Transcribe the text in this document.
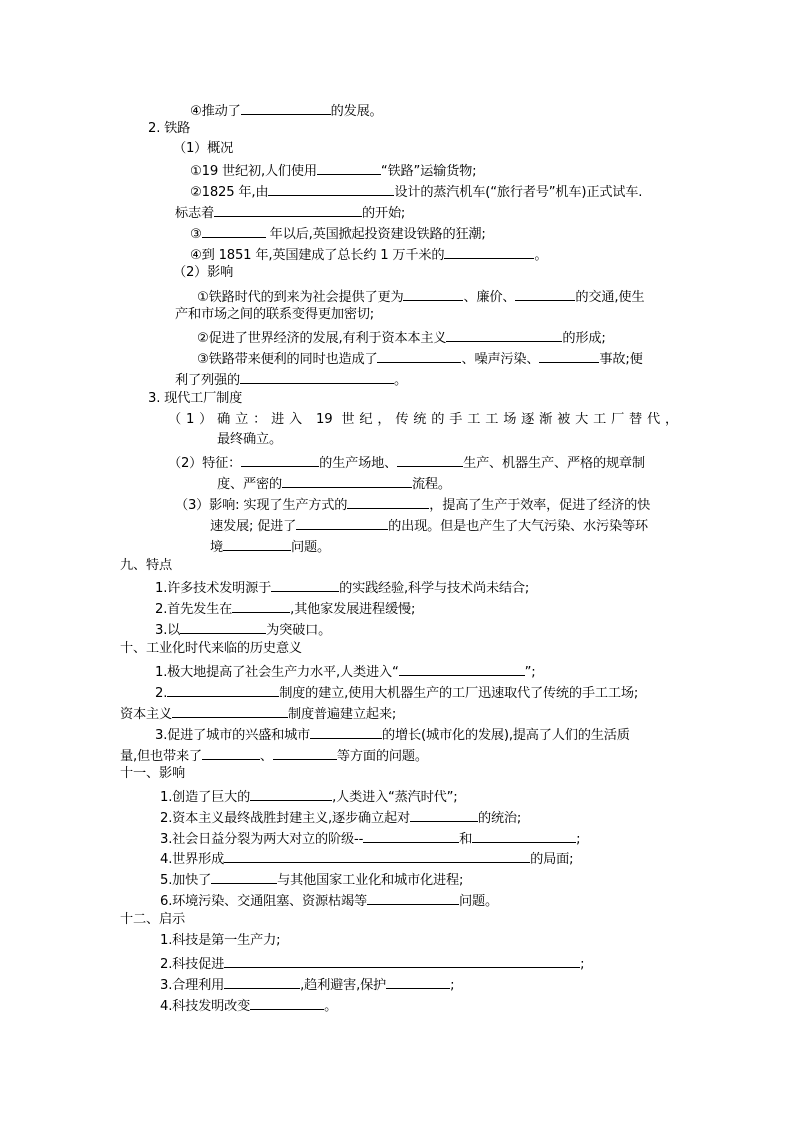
④推动了	的发展。
2. 铁路
（1）概况
①19 世纪初,人们使用	“铁路”运输货物;
②1825 年,由	设计的蒸汽机车(“旅行者号”机车)正式试车.
标志着	的开始;
③	年以后,英国掀起投资建设铁路的狂潮;
④到 1851 年,英国建成了总长约 1 万千米的	。
（2）影响
①铁路时代的到来为社会提供了更为	、廉价、	的交通,使生
产和市场之间的联系变得更加密切;
②促进了世界经济的发展,有利于资本本主义	的形成;
③铁路带来便利的同时也造成了	、噪声污染、	事故;便
利了列强的	。
3. 现代工厂制度
（1）确立：进入 19 世纪，传统的手工工场逐渐被大工厂替代，
最终确立。
（2）特征：	的生产场地、	生产、机器生产、严格的规章制
度、严密的	流程。
（3）影响: 实现了生产方式的	，提高了生产于效率，促进了经济的快
速发展; 促进了	的出现。但是也产生了大气污染、水污染等环
境	问题。
九、特点
1.许多技术发明源于	的实践经验,科学与技术尚未结合;
2.首先发生在	,其他家发展进程缓慢;
3.以	为突破口。
十、工业化时代来临的历史意义
1.极大地提高了社会生产力水平,人类进入“	”;
2.	制度的建立,使用大机器生产的工厂迅速取代了传统的手工工场;
资本主义	制度普遍建立起来;
3.促进了城市的兴盛和城市	的增长(城市化的发展),提高了人们的生活质
量,但也带来了	、	等方面的问题。
十一、影响
1.创造了巨大的	,人类进入“蒸汽时代”;
2.资本主义最终战胜封建主义,逐步确立起对	的统治;
3.社会日益分裂为两大对立的阶级--	和	;
4.世界形成	的局面;
5.加快了	与其他国家工业化和城市化进程;
6.环境污染、交通阻塞、资源枯竭等	问题。
十二、启示
1.科技是第一生产力;
2.科技促进	;
3.合理利用	,趋利避害,保护	;
4.科技发明改变	。
